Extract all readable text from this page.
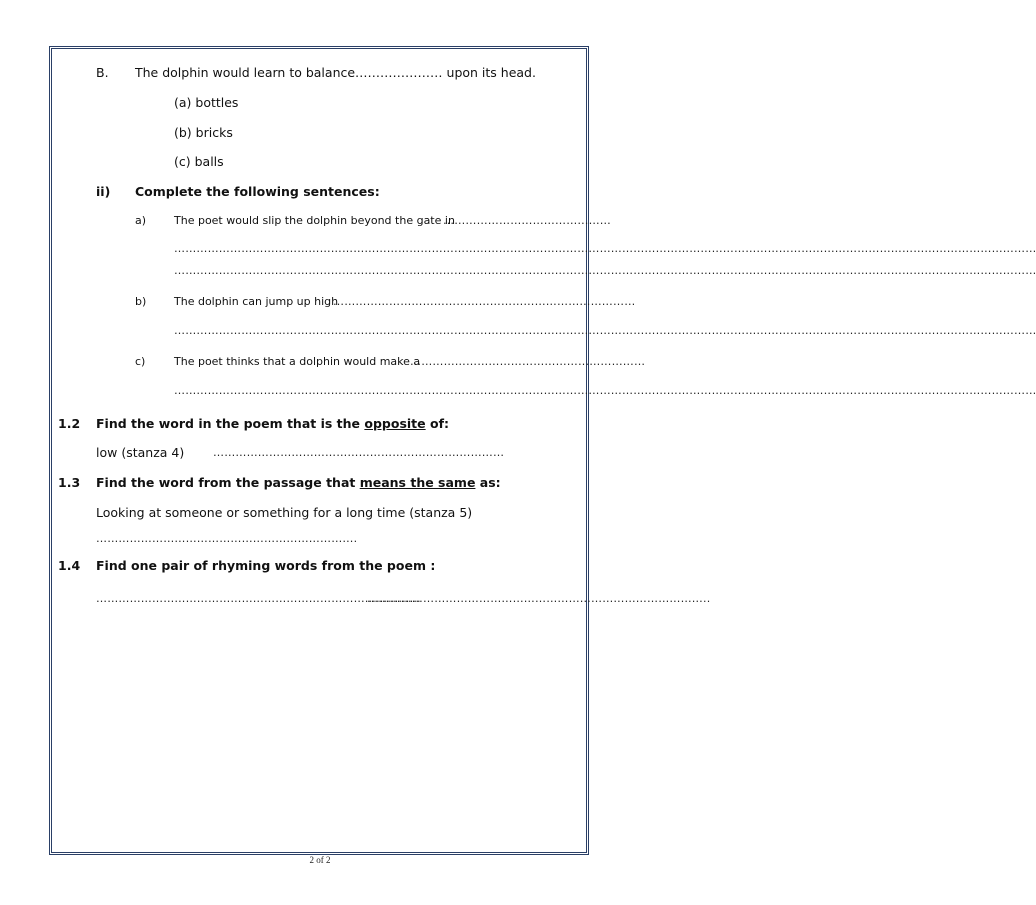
B. The dolphin would learn to balance………………… upon its head.
(a) bottles
(b) bricks
(c) balls
ii) Complete the following sentences:
a)	The poet would slip the dolphin beyond the gate in
………………………………………
……………………………………………………………………………………………………………………………………………………………………………………………………………
……………………………………………………………………………………………………………………………………………………………………………………………………………
b)	The dolphin can jump up high
………………………………………………………………………
……………………………………………………………………………………………………………………………………………………………………………………………………………
c)	The poet thinks that a dolphin would make a
………………………………………………………
……………………………………………………………………………………………………………………………………………………………………………………………………………
1.2 Find the word in the poem that is the opposite of:
low (stanza 4)	……………………………………………………………………
1.3 Find the word from the passage that means the same as:
Looking at someone or something for a long time (stanza 5)
…………………………………………………………….
1.4 Find one pair of rhyming words from the poem :
……………………………………………………………………………
………………………………………………………………………………..
2 of 2
